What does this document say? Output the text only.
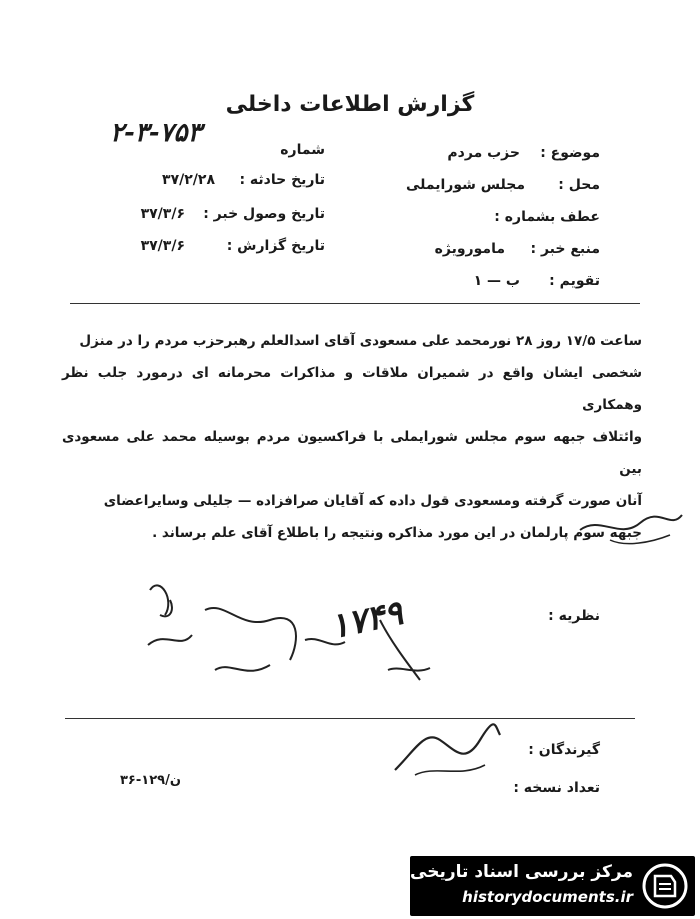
گزارش اطلاعات داخلی
شماره
۲-۳-۷۵۳
تاریخ حادثه :
۳۷/۲/۲۸
تاریخ وصول خبر :
۳۷/۳/۶
تاریخ گزارش :
۳۷/۳/۶
موضوع :
حزب مردم
محل :
مجلس شورایملی
عطف بشماره :
منبع خبر :
مامورویژه
تقویم :
ب — ۱
ساعت ۱۷/۵ روز ۲۸ نورمحمد علی مسعودی آقای اسدالعلم رهبرحزب مردم را در منزل
شخصی ایشان واقع در شمیران ملاقات و مذاکرات محرمانه ای درمورد جلب نظر وهمکاری
وائتلاف جبهه سوم مجلس شورایملی با فراکسیون مردم بوسیله محمد علی مسعودی بین
آنان صورت گرفته ومسعودی قول داده که آقایان صرافزاده — جلیلی وسایراعضای
جبهه سوم پارلمان در این مورد مذاکره ونتیجه را باطلاع آقای علم برساند .
نظریه :
۱۷۴۹
گیرندگان :
تعداد نسخه :
۳۶-۱۲۹/ن
مرکز بررسی اسناد تاریخی
historydocuments.ir
